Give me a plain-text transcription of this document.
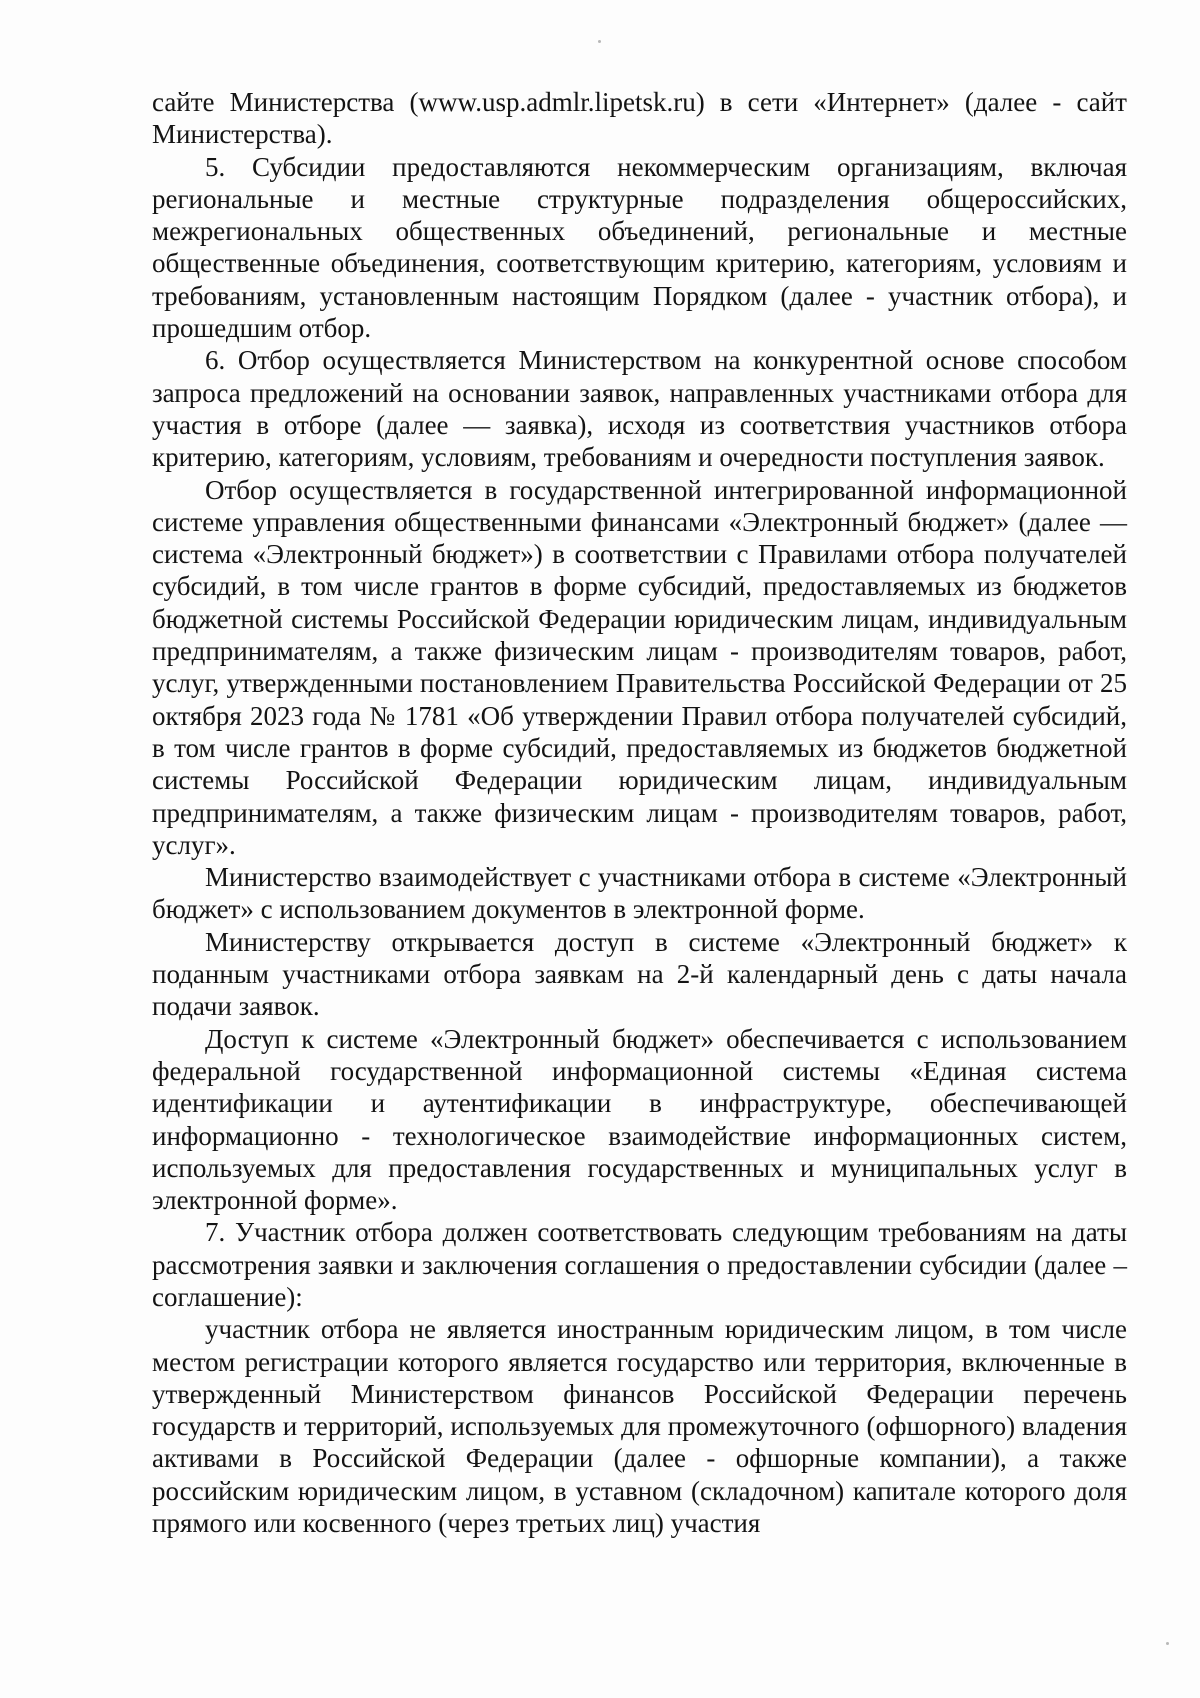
сайте Министерства (www.usp.admlr.lipetsk.ru) в сети «Интернет» (далее - сайт Министерства).

5. Субсидии предоставляются некоммерческим организациям, включая региональные и местные структурные подразделения общероссийских, межрегиональных общественных объединений, региональные и местные общественные объединения, соответствующим критерию, категориям, условиям и требованиям, установленным настоящим Порядком (далее - участник отбора), и прошедшим отбор.

6. Отбор осуществляется Министерством на конкурентной основе способом запроса предложений на основании заявок, направленных участниками отбора для участия в отборе (далее — заявка), исходя из соответствия участников отбора критерию, категориям, условиям, требованиям и очередности поступления заявок.

Отбор осуществляется в государственной интегрированной информационной системе управления общественными финансами «Электронный бюджет» (далее — система «Электронный бюджет») в соответствии с Правилами отбора получателей субсидий, в том числе грантов в форме субсидий, предоставляемых из бюджетов бюджетной системы Российской Федерации юридическим лицам, индивидуальным предпринимателям, а также физическим лицам - производителям товаров, работ, услуг, утвержденными постановлением Правительства Российской Федерации от 25 октября 2023 года № 1781 «Об утверждении Правил отбора получателей субсидий, в том числе грантов в форме субсидий, предоставляемых из бюджетов бюджетной системы Российской Федерации юридическим лицам, индивидуальным предпринимателям, а также физическим лицам - производителям товаров, работ, услуг».

Министерство взаимодействует с участниками отбора в системе «Электронный бюджет» с использованием документов в электронной форме.

Министерству открывается доступ в системе «Электронный бюджет» к поданным участниками отбора заявкам на 2-й календарный день с даты начала подачи заявок.

Доступ к системе «Электронный бюджет» обеспечивается с использованием федеральной государственной информационной системы «Единая система идентификации и аутентификации в инфраструктуре, обеспечивающей информационно - технологическое взаимодействие информационных систем, используемых для предоставления государственных и муниципальных услуг в электронной форме».

7. Участник отбора должен соответствовать следующим требованиям на даты рассмотрения заявки и заключения соглашения о предоставлении субсидии (далее – соглашение):

участник отбора не является иностранным юридическим лицом, в том числе местом регистрации которого является государство или территория, включенные в утвержденный Министерством финансов Российской Федерации перечень государств и территорий, используемых для промежуточного (офшорного) владения активами в Российской Федерации (далее - офшорные компании), а также российским юридическим лицом, в уставном (складочном) капитале которого доля прямого или косвенного (через третьих лиц) участия
